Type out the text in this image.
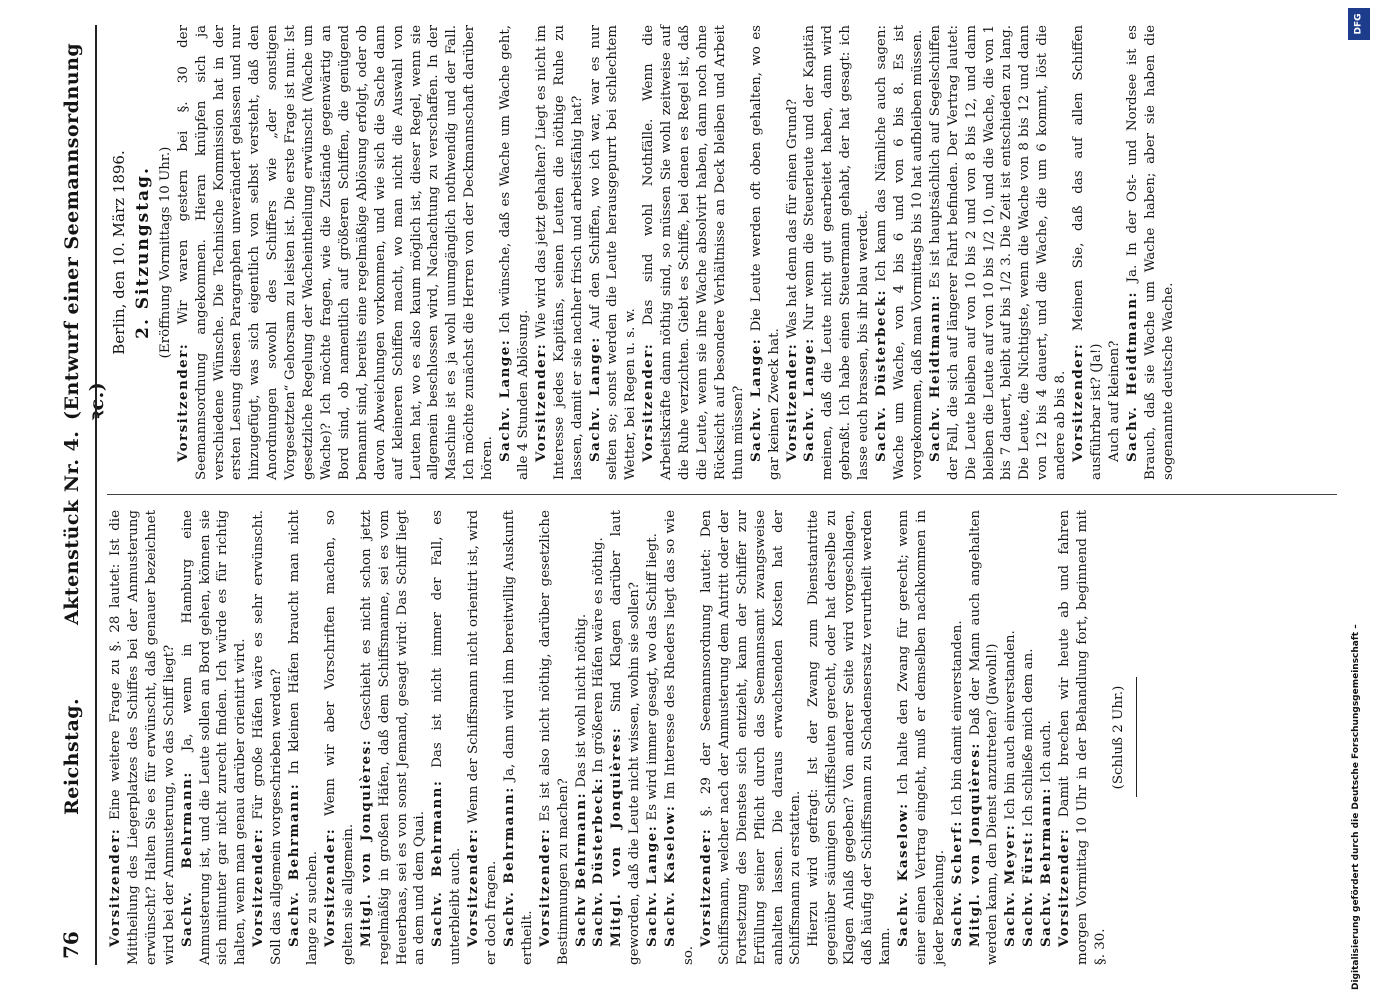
76
Reichstag.
Aktenstück Nr. 4.
(Entwurf einer Seemannsordnung ꝛc.)

Vorsitzender: Eine weitere Frage zu §. 28 lautet: Ist die Mittheilung des Liegerplatzes des Schiffes bei der Anmusterung erwünscht? Halten Sie es für erwünscht, daß genauer bezeichnet wird bei der Anmusterung, wo das Schiff liegt? Sachv. Behrmann: Ja, wenn in Hamburg eine Anmusterung ist, und die Leute sollen an Bord gehen, können sie sich mitunter gar nicht zurecht finden. Ich würde es für richtig halten, wenn man genau darüber orientirt wird. Vorsitzender: Für große Häfen wäre es sehr erwünscht. Soll das allgemein vorgeschrieben werden? Sachv. Behrmann: In kleinen Häfen braucht man nicht lange zu suchen. Vorsitzender: Wenn wir aber Vorschriften machen, so gelten sie allgemein. Mitgl. von Jonquières: Geschieht es nicht schon jetzt regelmäßig in großen Häfen, daß dem Schiffsmanne, sei es vom Heuerbaas, sei es von sonst Jemand, gesagt wird: Das Schiff liegt an dem und dem Quai. Sachv. Behrmann: Das ist nicht immer der Fall, es unterbleibt auch. Vorsitzender: Wenn der Schiffsmann nicht orientirt ist, wird er doch fragen. Sachv. Behrmann: Ja, dann wird ihm bereitwillig Auskunft ertheilt. Vorsitzender: Es ist also nicht nöthig, darüber gesetzliche Bestimmungen zu machen? Sachv Behrmann: Das ist wohl nicht nöthig.

Sachv. Düsterbeck: In größeren Häfen wäre es nöthig.

Mitgl. von Jonquières: Sind Klagen darüber laut geworden, daß die Leute nicht wissen, wohin sie sollen? Sachv. Lange: Es wird immer gesagt, wo das Schiff liegt.

Sachv. Kaselow: Im Interesse des Rheders liegt das so wie so.

Vorsitzender: §. 29 der Seemannsordnung lautet: Den Schiffsmann, welcher nach der Anmusterung dem Antritt oder der Fortsetzung des Dienstes sich entzieht, kann der Schiffer zur Erfüllung seiner Pflicht durch das Seemannsamt zwangsweise anhalten lassen. Die daraus erwachsenden Kosten hat der Schiffsmann zu erstatten. Hierzu wird gefragt: Ist der Zwang zum Dienstantritte gegenüber säumigen Schiffsleuten gerecht, oder hat derselbe zu Klagen Anlaß gegeben? Von anderer Seite wird vorgeschlagen, daß häufig der Schiffsmann zu Schadensersatz verurtheilt werden kann. Sachv. Kaselow: Ich halte den Zwang für gerecht; wenn einer einen Vertrag eingeht, muß er demselben nachkommen in jeder Beziehung. Sachv. Scherf: Ich bin damit einverstanden.

Mitgl. von Jonquières: Daß der Mann auch angehalten werden kann, den Dienst anzutreten? (Jawohl!) Sachv. Meyer: Ich bin auch einverstanden.

Sachv. Fürst: Ich schließe mich dem an.

Sachv. Behrmann: Ich auch.

Vorsitzender: Damit brechen wir heute ab und fahren morgen Vormittag 10 Uhr in der Behandlung fort, beginnend mit §. 30.

(Schluß 2 Uhr.)

Berlin, den 10. März 1896. 2. Sitzungstag. (Eröffnung Vormittags 10 Uhr.)

Vorsitzender: Wir waren gestern bei §. 30 der Seemannsordnung angekommen. Hieran knüpfen sich ja verschiedene Wünsche. Die Technische Kommission hat in der ersten Lesung diesen Paragraphen unverändert gelassen und nur hinzugefügt, was sich eigentlich von selbst versteht, daß den Anordnungen sowohl des Schiffers wie „der sonstigen Vorgesetzten“ Gehorsam zu leisten ist. Die erste Frage ist nun: Ist gesetzliche Regelung der Wacheintheilung erwünscht (Wache um Wache)? Ich möchte fragen, wie die Zustände gegenwärtig an Bord sind, ob namentlich auf größeren Schiffen, die genügend bemannt sind, bereits eine regelmäßige Ablösung erfolgt, oder ob davon Abweichungen vorkommen, und wie sich die Sache dann auf kleineren Schiffen macht, wo man nicht die Auswahl von Leuten hat, wo es also kaum möglich ist, dieser Regel, wenn sie allgemein beschlossen wird, Nachachtung zu verschaffen. In der Maschine ist es ja wohl unumgänglich nothwendig und der Fall. Ich möchte zunächst die Herren von der Deckmannschaft darüber hören. Sachv. Lange: Ich wünsche, daß es Wache um Wache geht, alle 4 Stunden Ablösung. Vorsitzender: Wie wird das jetzt gehalten? Liegt es nicht im Interesse jedes Kapitäns, seinen Leuten die nöthige Ruhe zu lassen, damit er sie nachher frisch und arbeitsfähig hat? Sachv. Lange: Auf den Schiffen, wo ich war, war es nur selten so; sonst werden die Leute herausgepurrt bei schlechtem Wetter, bei Regen u. s. w. Vorsitzender: Das sind wohl Nothfälle. Wenn die Arbeitskräfte dann nöthig sind, so müssen Sie wohl zeitweise auf die Ruhe verzichten. Giebt es Schiffe, bei denen es Regel ist, daß die Leute, wenn sie ihre Wache absolvirt haben, dann noch ohne Rücksicht auf besondere Verhältnisse an Deck bleiben und Arbeit thun müssen? Sachv. Lange: Die Leute werden oft oben gehalten, wo es gar keinen Zweck hat. Vorsitzender: Was hat denn das für einen Grund?

Sachv. Lange: Nur wenn die Steuerleute und der Kapitän meinen, daß die Leute nicht gut gearbeitet haben, dann wird gebraßt. Ich habe einen Steuermann gehabt, der hat gesagt: ich lasse euch brassen, bis ihr blau werdet. Sachv. Düsterbeck: Ich kann das Nämliche auch sagen: Wache um Wache, von 4 bis 6 und von 6 bis 8. Es ist vorgekommen, daß man Vormittags bis 10 hat aufbleiben müssen. Sachv. Heidtmann: Es ist hauptsächlich auf Segelschiffen der Fall, die sich auf längerer Fahrt befinden. Der Vertrag lautet: Die Leute bleiben auf von 10 bis 2 und von 8 bis 12, und dann bleiben die Leute auf von 10 bis 1/2 10, und die Wache, die von 1 bis 7 dauert, bleibt auf bis 1/2 3. Die Zeit ist entschieden zu lang. Die Leute, die Nichtigste, wenn die Wache von 8 bis 12 und dann von 12 bis 4 dauert, und die Wache, die um 6 kommt, löst die andere ab bis 8. Vorsitzender: Meinen Sie, daß das auf allen Schiffen ausführbar ist? (Ja!) Auch auf kleinen? Sachv. Heidtmann: Ja. In der Ost- und Nordsee ist es Brauch, daß sie Wache um Wache haben; aber sie haben die sogenannte deutsche Wache.

Digitalisierung gefördert durch die Deutsche Forschungsgemeinschaft –
DFG
